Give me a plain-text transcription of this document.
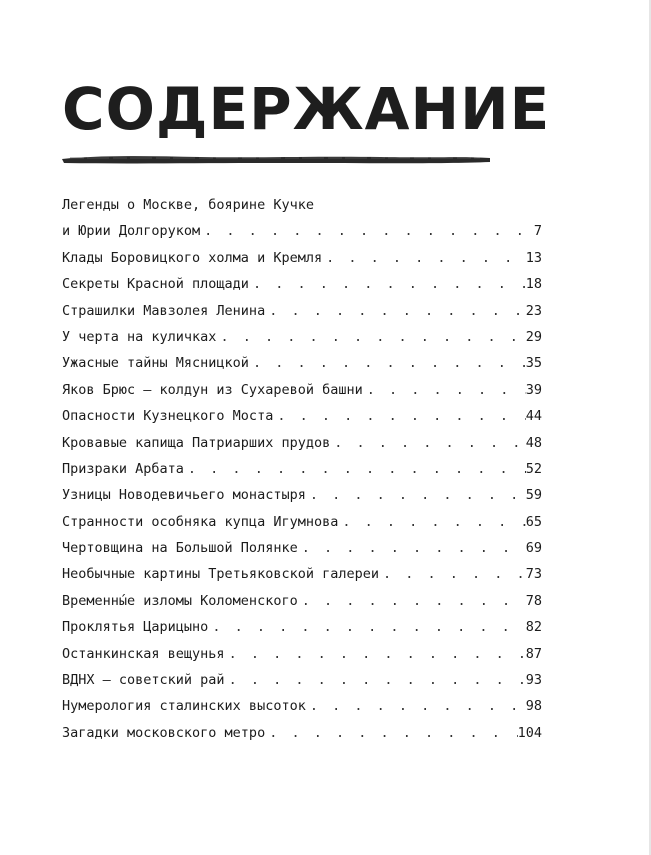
СОДЕРЖАНИЕ
Легенды о Москве, боярине Кучке
и Юрии Долгоруком . . .	7
Клады Боровицкого холма и Кремля . . .	13
Секреты Красной площади . . .	18
Страшилки Мавзолея Ленина . . .	23
У черта на куличках . . .	29
Ужасные тайны Мясницкой . . .	35
Яков Брюс – колдун из Сухаревой башни . . .	39
Опасности Кузнецкого Моста . . .	44
Кровавые капища Патриарших прудов . . .	48
Призраки Арбата . . .	52
Узницы Новодевичьего монастыря . . .	59
Странности особняка купца Игумнова . . .	65
Чертовщина на Большой Полянке . . .	69
Необычные картины Третьяковской галереи . . .	73
Временны́е изломы Коломенского . . .	78
Проклятья Царицыно . . .	82
Останкинская вещунья . . .	87
ВДНХ – советский рай . . .	93
Нумерология сталинских высоток . . .	98
Загадки московского метро . . .	104
